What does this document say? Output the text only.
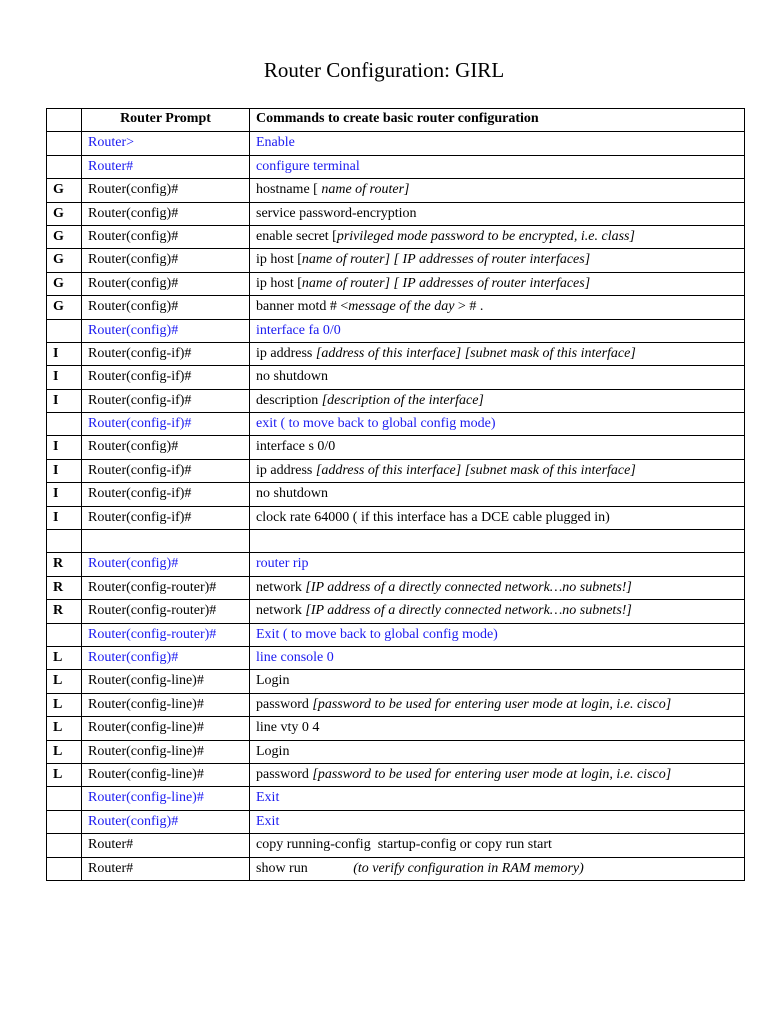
Router Configuration: GIRL
	Router Prompt	Commands to create basic router configuration
	Router>	Enable
	Router#	configure terminal
G	Router(config)#	hostname [ name of router]
G	Router(config)#	service password-encryption
G	Router(config)#	enable secret [privileged mode password to be encrypted, i.e. class]
G	Router(config)#	ip host [name of router] [ IP addresses of router interfaces]
G	Router(config)#	ip host [name of router] [ IP addresses of router interfaces]
G	Router(config)#	banner motd # <message of the day > # .
	Router(config)#	interface fa 0/0
I	Router(config-if)#	ip address [address of this interface] [subnet mask of this interface]
I	Router(config-if)#	no shutdown
I	Router(config-if)#	description [description of the interface]
	Router(config-if)#	exit ( to move back to global config mode)
I	Router(config)#	interface s 0/0
I	Router(config-if)#	ip address [address of this interface] [subnet mask of this interface]
I	Router(config-if)#	no shutdown
I	Router(config-if)#	clock rate 64000 ( if this interface has a DCE cable plugged in)

R	Router(config)#	router rip
R	Router(config-router)#	network [IP address of a directly connected network…no subnets!]
R	Router(config-router)#	network [IP address of a directly connected network…no subnets!]
	Router(config-router)#	Exit ( to move back to global config mode)
L	Router(config)#	line console 0
L	Router(config-line)#	Login
L	Router(config-line)#	password [password to be used for entering user mode at login, i.e. cisco]
L	Router(config-line)#	line vty 0 4
L	Router(config-line)#	Login
L	Router(config-line)#	password [password to be used for entering user mode at login, i.e. cisco]
	Router(config-line)#	Exit
	Router(config)#	Exit
	Router#	copy running-config  startup-config or copy run start
	Router#	show run             (to verify configuration in RAM memory)
